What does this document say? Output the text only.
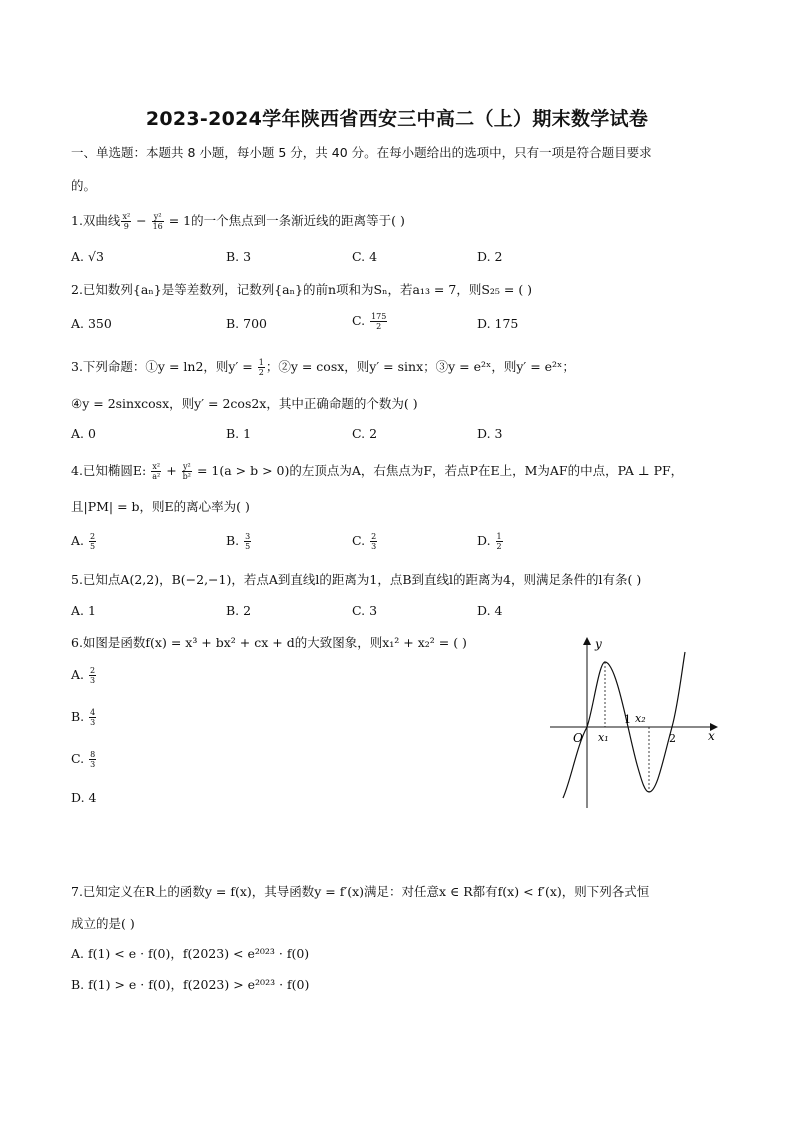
2023-2024学年陕西省西安三中高二（上）期末数学试卷
一、单选题：本题共 8 小题，每小题 5 分，共 40 分。在每小题给出的选项中，只有一项是符合题目要求
的。
1.双曲线 $\frac{\text{x²}}{9} - \frac{\text{y²}}{16} = 1$的一个焦点到一条渐近线的距离等于( )
A. √3	B. 3	C. 4	D. 2
2.已知数列{aₙ}是等差数列，记数列{aₙ}的前n项和为Sₙ，若a₁₃ = 7，则S₂₅ = ( )
A. 350	B. 700	C. $\frac{175}{2}$	D. 175
3.下列命题：①y = ln2，则$y' = \frac{1}{2}$ ；②y = cosx，则y′ = sinx；③y = e²ˣ，则y′ = e²ˣ；
④y = 2sinxcosx，则y′ = 2cos2x，其中正确命题的个数为( )
A. 0	B. 1	C. 2	D. 3
4.已知椭圆E: $\frac{\text{x²}}{\text{a²}} + \frac{\text{y²}}{\text{b²}} = 1(a > b > 0)$的左顶点为A，右焦点为F，若点P在E上，M为AF的中点，PA ⊥ PF，
且|PM| = b，则E的离心率为( )
A. $\frac{2}{5}$	B. $\frac{3}{5}$	C. $\frac{2}{3}$	D. $\frac{1}{2}$
5.已知点A(2,2)，B(−2,−1)，若点A到直线l的距离为1，点B到直线l的距离为4，则满足条件的l有条( )
A. 1	B. 2	C. 3	D. 4
6.如图是函数f(x) = x³ + bx² + cx + d的大致图象，则x₁² + x₂² = ( )
A. $\frac{2}{3}$
B. $\frac{4}{3}$
C. $\frac{8}{3}$
D. 4
y
x
O x₁
x₂
1
2
7.已知定义在R上的函数y = f(x)，其导函数y = f′(x)满足：对任意x ∈ R都有f(x) < f′(x)，则下列各式恒
成立的是( )
A. f(1) < e · f(0)，f(2023) < e²⁰²³ · f(0)
B. f(1) > e · f(0)，f(2023) > e²⁰²³ · f(0)
